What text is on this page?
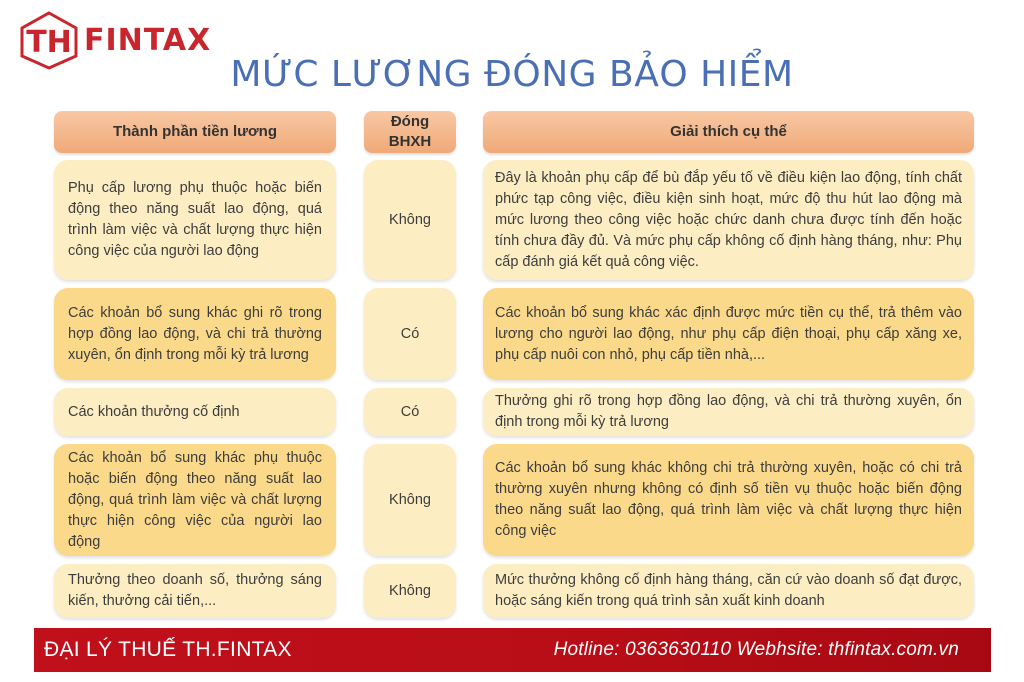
TH FINTAX
MỨC LƯƠNG ĐÓNG BẢO HIỂM
Thành phần tiền lương
Đóng
BHXH
Giải thích cụ thể
Phụ cấp lương phụ thuộc hoặc biến động theo năng suất lao động, quá trình làm việc và chất lượng thực hiện công việc của người lao động
Không
Đây là khoản phụ cấp để bù đắp yếu tố về điều kiện lao động, tính chất phức tạp công việc, điều kiện sinh hoạt, mức độ thu hút lao động mà mức lương theo công việc hoặc chức danh chưa được tính đến hoặc tính chưa đầy đủ. Và mức phụ cấp không cố định hàng tháng, như: Phụ cấp đánh giá kết quả công việc.
Các khoản bổ sung khác ghi rõ trong hợp đồng lao động, và chi trả thường xuyên, ổn định trong mỗi kỳ trả lương
Có
Các khoản bổ sung khác xác định được mức tiền cụ thể, trả thêm vào lương cho người lao động, như phụ cấp điện thoại, phụ cấp xăng xe, phụ cấp nuôi con nhỏ, phụ cấp tiền nhà,...
Các khoản thưởng cố định	Có
Thưởng ghi rõ trong hợp đồng lao động, và chi trả thường xuyên, ổn định trong mỗi kỳ trả lương
Các khoản bổ sung khác phụ thuộc hoặc biến động theo năng suất lao động, quá trình làm việc và chất lượng thực hiện công việc của người lao động
Không
Các khoản bổ sung khác không chi trả thường xuyên, hoặc có chi trả thường xuyên nhưng không có định số tiền vụ thuộc hoặc biến động theo năng suất lao động, quá trình làm việc và chất lượng thực hiện công việc
Thưởng theo doanh số, thưởng sáng kiến, thưởng cải tiến,...
Không
Mức thưởng không cố định hàng tháng, căn cứ vào doanh số đạt được, hoặc sáng kiến trong quá trình sản xuất kinh doanh
ĐẠI LÝ THUẾ TH.FINTAX	Hotline: 0363630110 Webhsite: thfintax.com.vn
